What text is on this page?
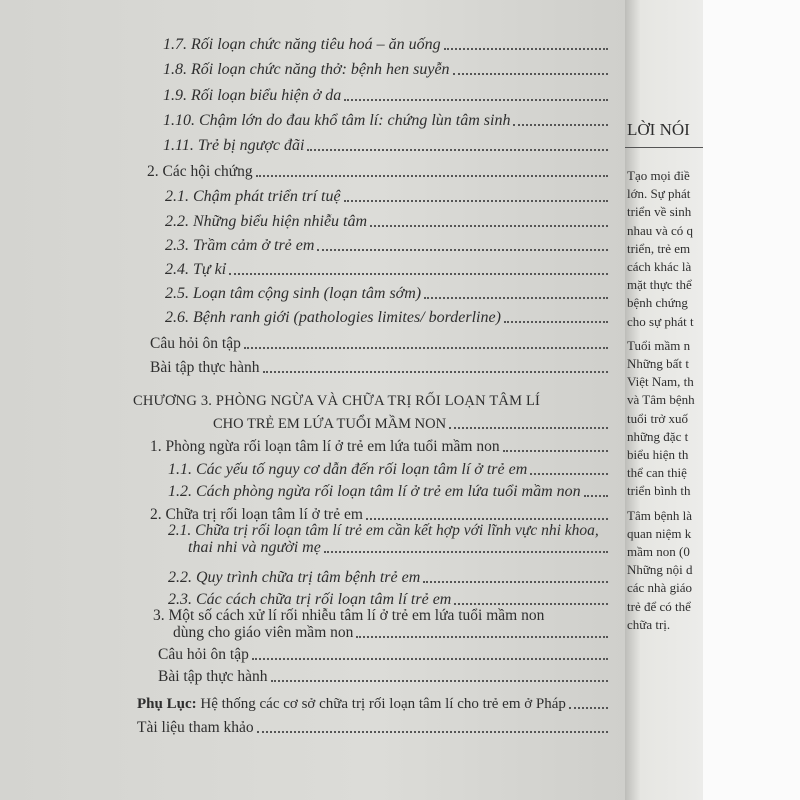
1.7. Rối loạn chức năng tiêu hoá – ăn uống
1.8. Rối loạn chức năng thở: bệnh hen suyễn
1.9. Rối loạn biểu hiện ở da
1.10. Chậm lớn do đau khổ tâm lí: chứng lùn tâm sinh
1.11. Trẻ bị ngược đãi
2. Các hội chứng
2.1. Chậm phát triển trí tuệ
2.2. Những biểu hiện nhiễu tâm
2.3. Trầm cảm ở trẻ em
2.4. Tự kỉ
2.5. Loạn tâm cộng sinh (loạn tâm sớm)
2.6. Bệnh ranh giới (pathologies limites/ borderline)
Câu hỏi ôn tập
Bài tập thực hành
CHƯƠNG 3. PHÒNG NGỪA VÀ CHỮA TRỊ RỐI LOẠN TÂM LÍ
CHO TRẺ EM LỨA TUỔI MẦM NON
1. Phòng ngừa rối loạn tâm lí ở trẻ em lứa tuổi mầm non
1.1. Các yếu tố nguy cơ dẫn đến rối loạn tâm lí ở trẻ em
1.2. Cách phòng ngừa rối loạn tâm lí ở trẻ em lứa tuổi mầm non
2. Chữa trị rối loạn tâm lí ở trẻ em
2.1. Chữa trị rối loạn tâm lí trẻ em cần kết hợp với lĩnh vực nhi khoa,
thai nhi và người mẹ
2.2. Quy trình chữa trị tâm bệnh trẻ em
2.3. Các cách chữa trị rối loạn tâm lí trẻ em
3. Một số cách xử lí rối nhiễu tâm lí ở trẻ em lứa tuổi mầm non
dùng cho giáo viên mầm non
Câu hỏi ôn tập
Bài tập thực hành
Phụ Lục: Hệ thống các cơ sở chữa trị rối loạn tâm lí cho trẻ em ở Pháp
Tài liệu tham khảo
LỜI NÓI
Tạo mọi điề
lớn. Sự phát
triển về sinh
nhau và có q
triển, trẻ em
cách khác là
mặt thực thể
bệnh chứng
cho sự phát t
Tuổi mầm n
Những bất t
Việt Nam, th
và Tâm bệnh
tuổi trở xuố
những đặc t
biểu hiện th
thể can thiệ
triển bình th
Tâm bệnh là
quan niệm k
mầm non (0
Những nội d
các nhà giáo
trẻ để có thể
chữa trị.
